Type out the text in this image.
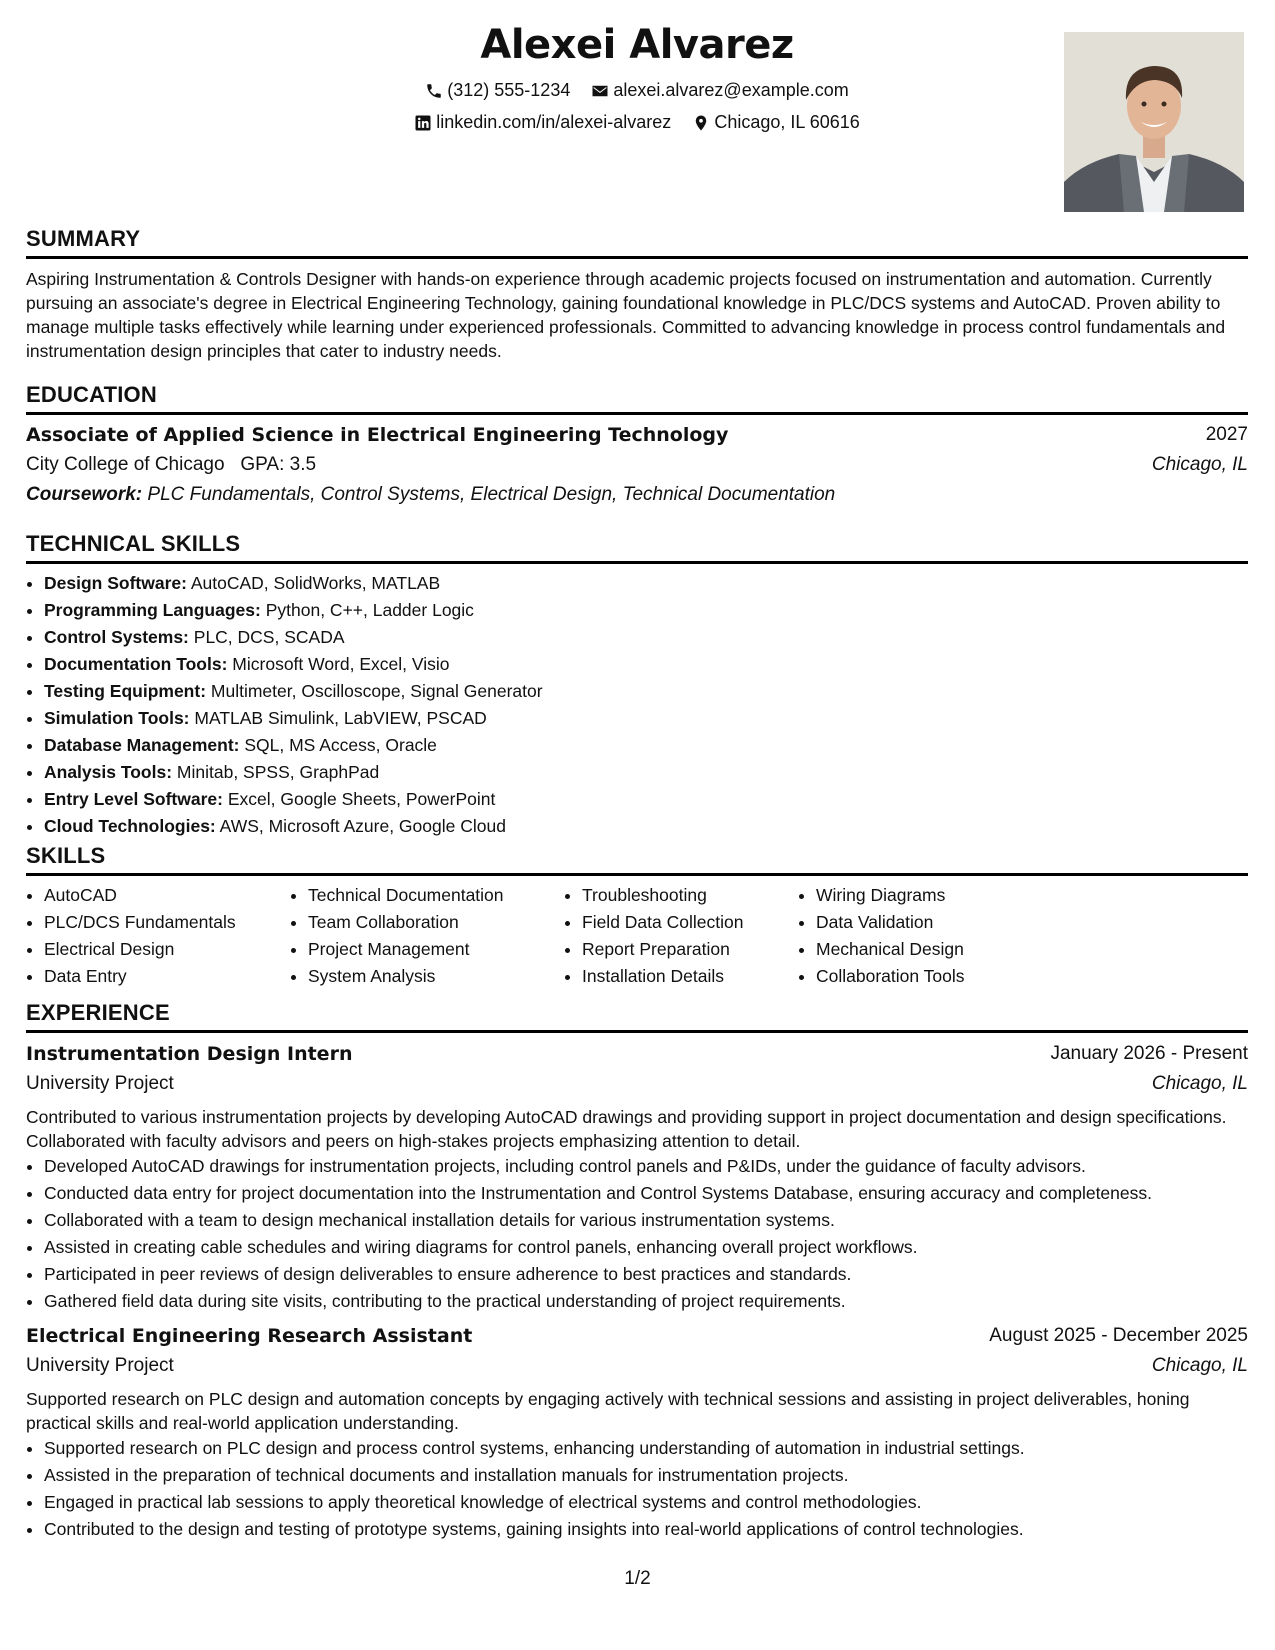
Alexei Alvarez
(312) 555-1234
alexei.alvarez@example.com
linkedin.com/in/alexei-alvarez
Chicago, IL 60616
SUMMARY
Aspiring Instrumentation & Controls Designer with hands-on experience through academic projects focused on instrumentation and automation. Currently pursuing an associate's degree in Electrical Engineering Technology, gaining foundational knowledge in PLC/DCS systems and AutoCAD. Proven ability to manage multiple tasks effectively while learning under experienced professionals. Committed to advancing knowledge in process control fundamentals and instrumentation design principles that cater to industry needs.
EDUCATION
Associate of Applied Science in Electrical Engineering Technology	2027
City College of Chicago GPA: 3.5	Chicago, IL
Coursework: PLC Fundamentals, Control Systems, Electrical Design, Technical Documentation
TECHNICAL SKILLS
• Design Software: AutoCAD, SolidWorks, MATLAB
• Programming Languages: Python, C++, Ladder Logic
• Control Systems: PLC, DCS, SCADA
• Documentation Tools: Microsoft Word, Excel, Visio
• Testing Equipment: Multimeter, Oscilloscope, Signal Generator
• Simulation Tools: MATLAB Simulink, LabVIEW, PSCAD
• Database Management: SQL, MS Access, Oracle
• Analysis Tools: Minitab, SPSS, GraphPad
• Entry Level Software: Excel, Google Sheets, PowerPoint
• Cloud Technologies: AWS, Microsoft Azure, Google Cloud
SKILLS
• AutoCAD
• PLC/DCS Fundamentals
• Electrical Design
• Data Entry
• Technical Documentation
• Team Collaboration
• Project Management
• System Analysis
• Troubleshooting
• Field Data Collection
• Report Preparation
• Installation Details
• Wiring Diagrams
• Data Validation
• Mechanical Design
• Collaboration Tools
EXPERIENCE
Instrumentation Design Intern	January 2026 - Present
University Project	Chicago, IL
Contributed to various instrumentation projects by developing AutoCAD drawings and providing support in project documentation and design specifications. Collaborated with faculty advisors and peers on high-stakes projects emphasizing attention to detail.
• Developed AutoCAD drawings for instrumentation projects, including control panels and P&IDs, under the guidance of faculty advisors.
• Conducted data entry for project documentation into the Instrumentation and Control Systems Database, ensuring accuracy and completeness.
• Collaborated with a team to design mechanical installation details for various instrumentation systems.
• Assisted in creating cable schedules and wiring diagrams for control panels, enhancing overall project workflows.
• Participated in peer reviews of design deliverables to ensure adherence to best practices and standards.
• Gathered field data during site visits, contributing to the practical understanding of project requirements.
Electrical Engineering Research Assistant	August 2025 - December 2025
University Project	Chicago, IL
Supported research on PLC design and automation concepts by engaging actively with technical sessions and assisting in project deliverables, honing practical skills and real-world application understanding.
• Supported research on PLC design and process control systems, enhancing understanding of automation in industrial settings.
• Assisted in the preparation of technical documents and installation manuals for instrumentation projects.
• Engaged in practical lab sessions to apply theoretical knowledge of electrical systems and control methodologies.
• Contributed to the design and testing of prototype systems, gaining insights into real-world applications of control technologies.
1/2
